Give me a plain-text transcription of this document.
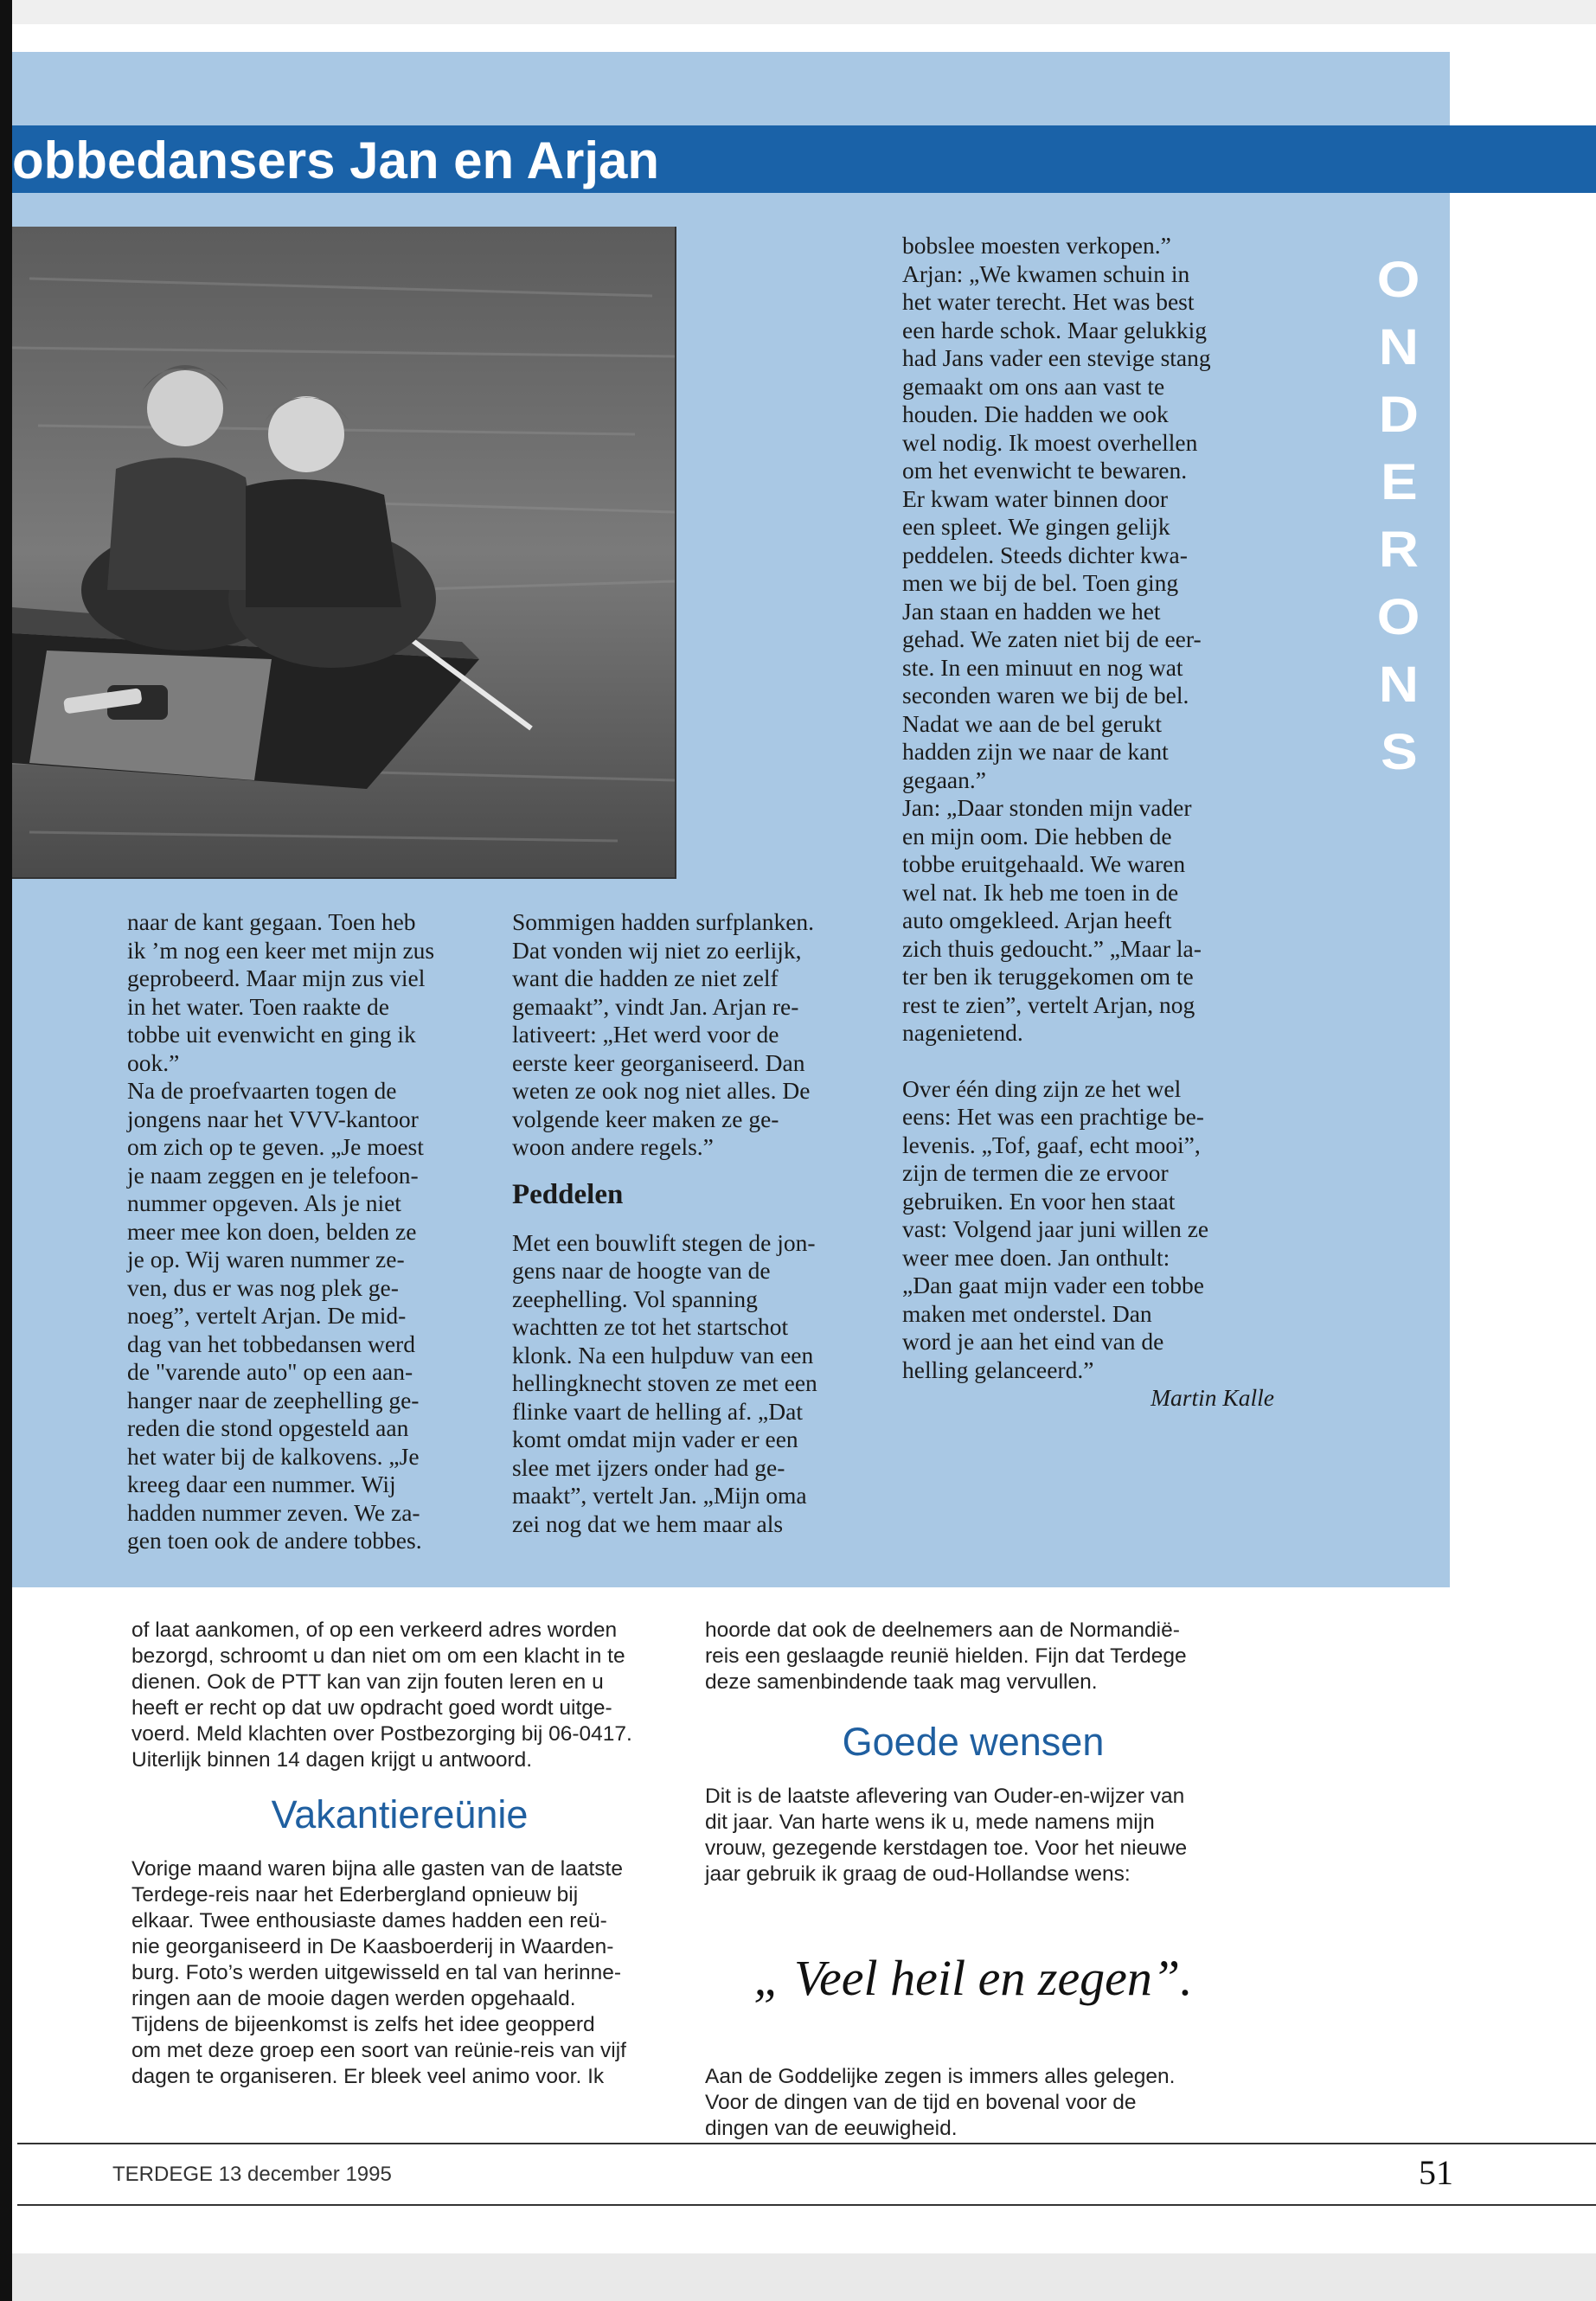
obbedansers Jan en Arjan

naar de kant gegaan. Toen heb

ik ’m nog een keer met mijn zus

geprobeerd. Maar mijn zus viel

in het water. Toen raakte de

tobbe uit evenwicht en ging ik

ook.”

Na de proefvaarten togen de

jongens naar het VVV-kantoor

om zich op te geven. „Je moest

je naam zeggen en je telefoon-

nummer opgeven. Als je niet

meer mee kon doen, belden ze

je op. Wij waren nummer ze-

ven, dus er was nog plek ge-

noeg”, vertelt Arjan. De mid-

dag van het tobbedansen werd

de "varende auto" op een aan-

hanger naar de zeephelling ge-

reden die stond opgesteld aan

het water bij de kalkovens. „Je

kreeg daar een nummer. Wij

hadden nummer zeven. We za-

gen toen ook de andere tobbes.

Sommigen hadden surfplanken.

Dat vonden wij niet zo eerlijk,

want die hadden ze niet zelf

gemaakt”, vindt Jan. Arjan re-

lativeert: „Het werd voor de

eerste keer georganiseerd. Dan

weten ze ook nog niet alles. De

volgende keer maken ze ge-

woon andere regels.”

Peddelen

Met een bouwlift stegen de jon-

gens naar de hoogte van de

zeephelling. Vol spanning

wachtten ze tot het startschot

klonk. Na een hulpduw van een

hellingknecht stoven ze met een

flinke vaart de helling af. „Dat

komt omdat mijn vader er een

slee met ijzers onder had ge-

maakt”, vertelt Jan. „Mijn oma

zei nog dat we hem maar als

bobslee moesten verkopen.”

Arjan: „We kwamen schuin in

het water terecht. Het was best

een harde schok. Maar gelukkig

had Jans vader een stevige stang

gemaakt om ons aan vast te

houden. Die hadden we ook

wel nodig. Ik moest overhellen

om het evenwicht te bewaren.

Er kwam water binnen door

een spleet. We gingen gelijk

peddelen. Steeds dichter kwa-

men we bij de bel. Toen ging

Jan staan en hadden we het

gehad. We zaten niet bij de eer-

ste. In een minuut en nog wat

seconden waren we bij de bel.

Nadat we aan de bel gerukt

hadden zijn we naar de kant

gegaan.”

Jan: „Daar stonden mijn vader

en mijn oom. Die hebben de

tobbe eruitgehaald. We waren

wel nat. Ik heb me toen in de

auto omgekleed. Arjan heeft

zich thuis gedoucht.” „Maar la-

ter ben ik teruggekomen om te

rest te zien”, vertelt Arjan, nog

nagenietend.

Over één ding zijn ze het wel

eens: Het was een prachtige be-

levenis. „Tof, gaaf, echt mooi”,

zijn de termen die ze ervoor

gebruiken. En voor hen staat

vast: Volgend jaar juni willen ze

weer mee doen. Jan onthult:

„Dan gaat mijn vader een tobbe

maken met onderstel. Dan

word je aan het eind van de

helling gelanceerd.”

Martin Kalle

O
N
D
E
R
O
N
S

of laat aankomen, of op een verkeerd adres worden

bezorgd, schroomt u dan niet om om een klacht in te

dienen. Ook de PTT kan van zijn fouten leren en u

heeft er recht op dat uw opdracht goed wordt uitge-

voerd. Meld klachten over Postbezorging bij 06-0417.

Uiterlijk binnen 14 dagen krijgt u antwoord.

Vakantiereünie

Vorige maand waren bijna alle gasten van de laatste

Terdege-reis naar het Ederbergland opnieuw bij

elkaar. Twee enthousiaste dames hadden een reü-

nie georganiseerd in De Kaasboerderij in Waarden-

burg. Foto’s werden uitgewisseld en tal van herinne-

ringen aan de mooie dagen werden opgehaald.

Tijdens de bijeenkomst is zelfs het idee geopperd

om met deze groep een soort van reünie-reis van vijf

dagen te organiseren. Er bleek veel animo voor. Ik

hoorde dat ook de deelnemers aan de Normandië-

reis een geslaagde reunië hielden. Fijn dat Terdege

deze samenbindende taak mag vervullen.

Goede wensen

Dit is de laatste aflevering van Ouder-en-wijzer van

dit jaar. Van harte wens ik u, mede namens mijn

vrouw, gezegende kerstdagen toe. Voor het nieuwe

jaar gebruik ik graag de oud-Hollandse wens:

„ Veel heil en zegen”.

Aan de Goddelijke zegen is immers alles gelegen.

Voor de dingen van de tijd en bovenal voor de

dingen van de eeuwigheid.

TERDEGE 13 december 1995	51
